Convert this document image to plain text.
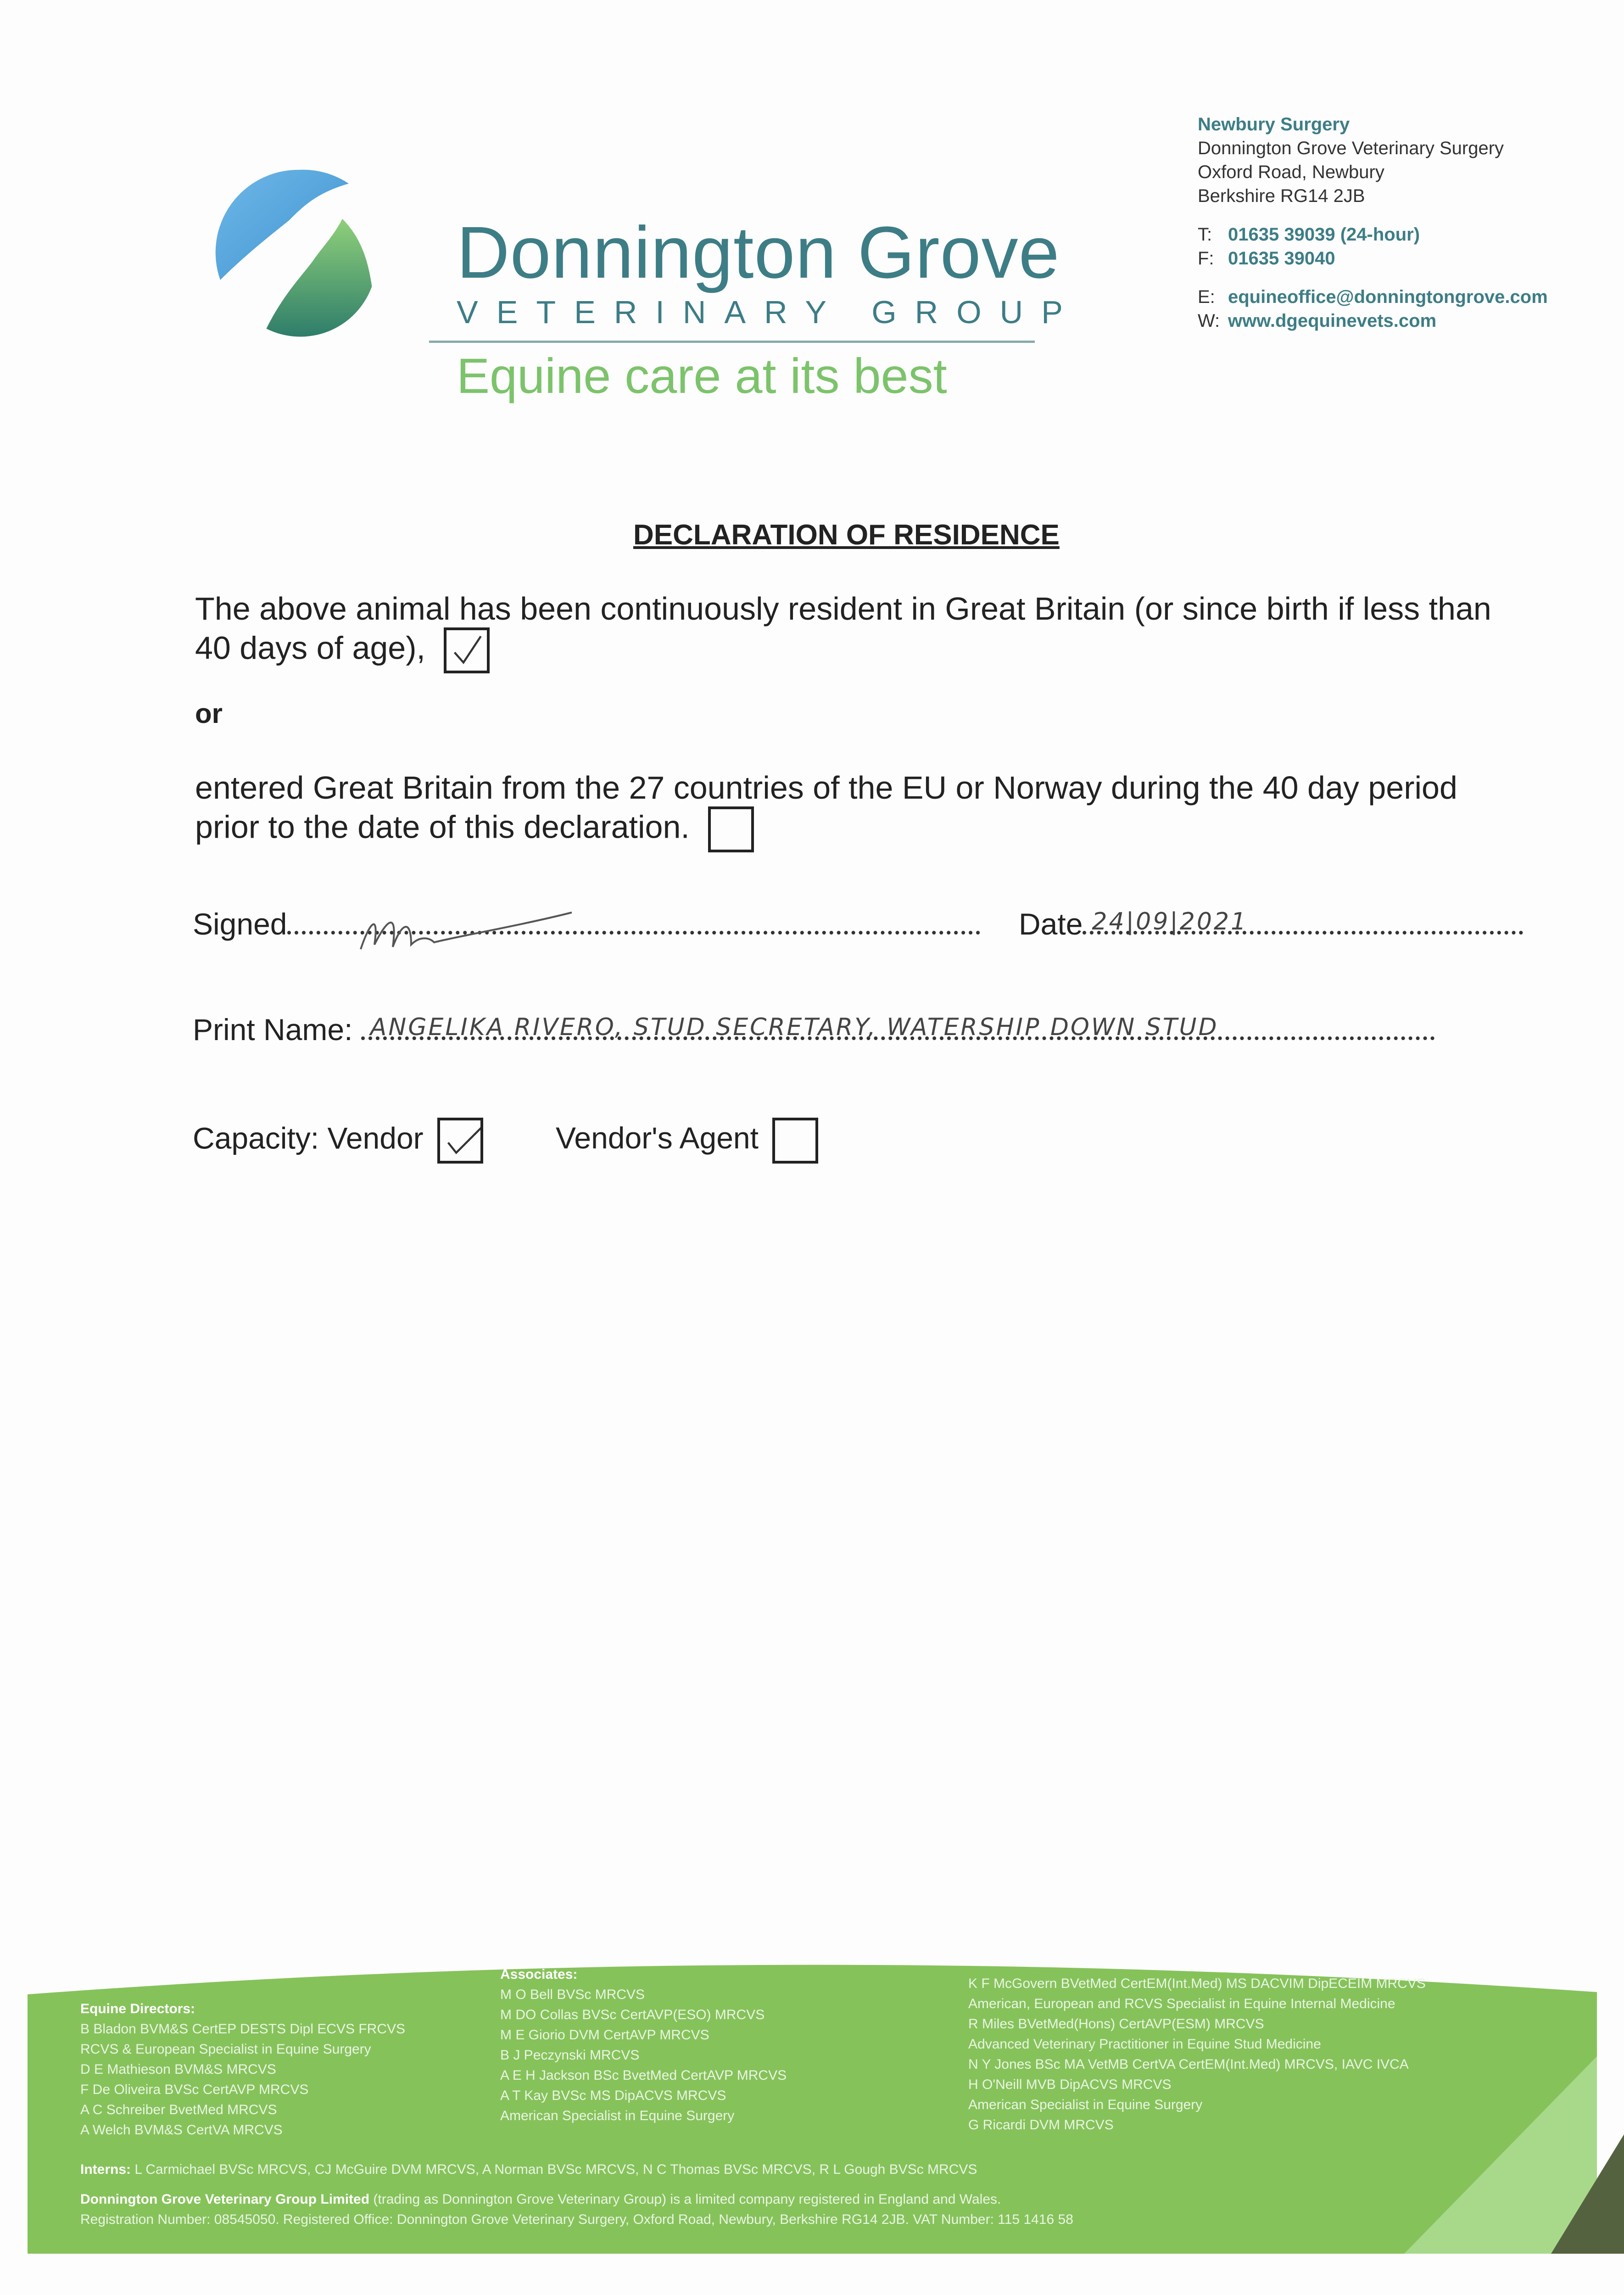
Donnington Grove
VETERINARY GROUP
Equine care at its best
Newbury Surgery
Donnington Grove Veterinary Surgery
Oxford Road, Newbury
Berkshire RG14 2JB
T: 01635 39039 (24-hour)
F: 01635 39040
E: equineoffice@donningtongrove.com
W: www.dgequinevets.com
DECLARATION OF RESIDENCE
The above animal has been continuously resident in Great Britain (or since birth if less than
40 days of age),
or
entered Great Britain from the 27 countries of the EU or Norway during the 40 day period
prior to the date of this declaration.
Signed	Date 24|09|2021
Print Name: ANGELIKA RIVERO, STUD SECRETARY, WATERSHIP DOWN STUD
Capacity: Vendor	Vendor's Agent
Equine Directors:
B Bladon BVM&S CertEP DESTS Dipl ECVS FRCVS
RCVS & European Specialist in Equine Surgery
D E Mathieson BVM&S MRCVS
F De Oliveira BVSc CertAVP MRCVS
A C Schreiber BvetMed MRCVS
A Welch BVM&S CertVA MRCVS
Associates:
M O Bell BVSc MRCVS
M DO Collas BVSc CertAVP(ESO) MRCVS
M E Giorio DVM CertAVP MRCVS
B J Peczynski MRCVS
A E H Jackson BSc BvetMed CertAVP MRCVS
A T Kay BVSc MS DipACVS MRCVS
American Specialist in Equine Surgery
K F McGovern BVetMed CertEM(Int.Med) MS DACVIM DipECEIM MRCVS
American, European and RCVS Specialist in Equine Internal Medicine
R Miles BVetMed(Hons) CertAVP(ESM) MRCVS
Advanced Veterinary Practitioner in Equine Stud Medicine
N Y Jones BSc MA VetMB CertVA CertEM(Int.Med) MRCVS, IAVC IVCA
H O'Neill MVB DipACVS MRCVS
American Specialist in Equine Surgery
G Ricardi DVM MRCVS
Interns: L Carmichael BVSc MRCVS, CJ McGuire DVM MRCVS, A Norman BVSc MRCVS, N C Thomas BVSc MRCVS, R L Gough BVSc MRCVS
Donnington Grove Veterinary Group Limited (trading as Donnington Grove Veterinary Group) is a limited company registered in England and Wales.
Registration Number: 08545050. Registered Office: Donnington Grove Veterinary Surgery, Oxford Road, Newbury, Berkshire RG14 2JB. VAT Number: 115 1416 58
